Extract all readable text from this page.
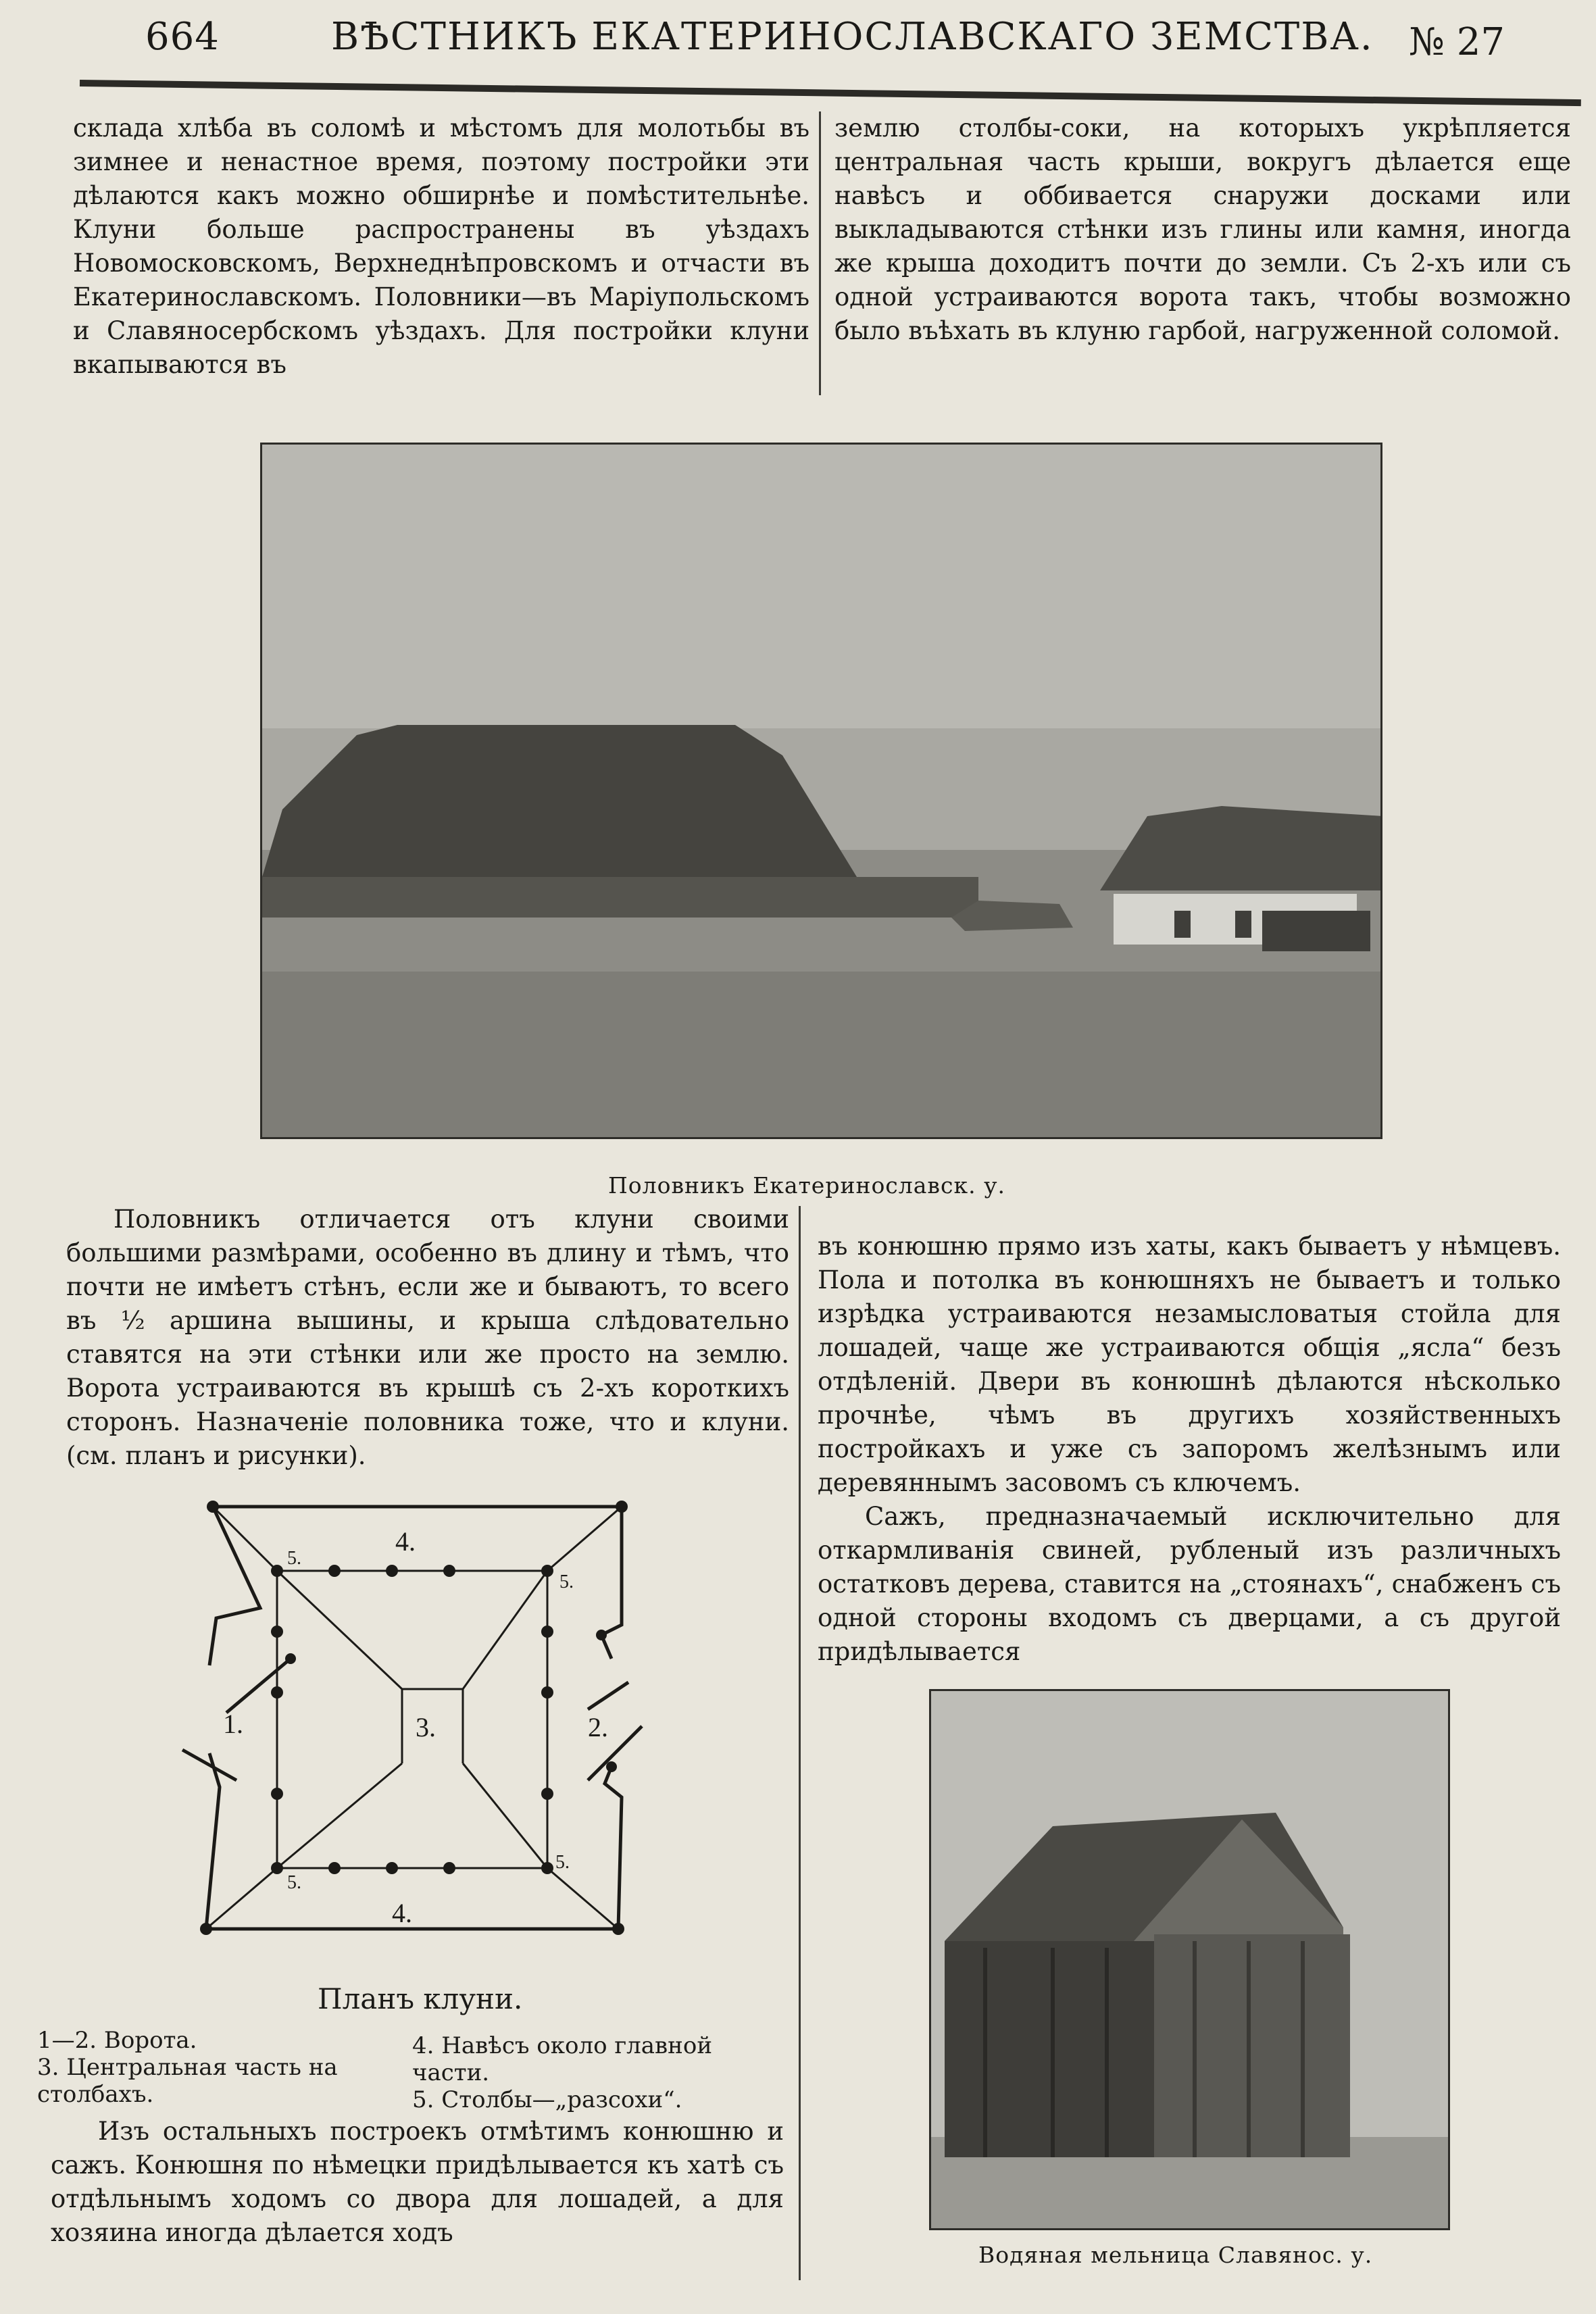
664	ВѢСТНИКЪ ЕКАТЕРИНОСЛАВСКАГО ЗЕМСТВА. № 27

склада хлѣба въ соломѣ и мѣстомъ для молотьбы въ зимнее и ненастное время, поэтому постройки эти дѣлаются какъ можно обширнѣе и помѣстительнѣе. Клуни больше распространены въ уѣздахъ Новомосковскомъ, Верхнеднѣпровскомъ и отчасти въ Екатеринославскомъ. Половники—въ Маріупольскомъ и Славяносербскомъ уѣздахъ. Для постройки клуни вкапываются въ

землю столбы-соки, на которыхъ укрѣпляется центральная часть крыши, вокругъ дѣлается еще навѣсъ и оббивается снаружи досками или выкладываются стѣнки изъ глины или камня, иногда же крыша доходитъ почти до земли. Съ 2-хъ или съ одной устраиваются ворота такъ, чтобы возможно было въѣхать въ клуню гарбой, нагруженной соломой.

Половникъ Екатеринославск. у.

Половникъ отличается отъ клуни своими большими размѣрами, особенно въ длину и тѣмъ, что почти не имѣетъ стѣнъ, если же и бываютъ, то всего въ ½ аршина вышины, и крыша слѣдовательно ставятся на эти стѣнки или же просто на землю. Ворота устраиваются въ крышѣ съ 2-хъ короткихъ сторонъ. Назначеніе половника тоже, что и клуни. (см. планъ и рисунки).

4.
4.
3.
1.	2.
5.
5.
5.
5.
Планъ клуни.
1—2. Ворота.
3. Центральная часть на столбахъ.
4. Навѣсъ около главной части.
5. Столбы—„разсохи“.

Изъ остальныхъ построекъ отмѣтимъ конюшню и сажъ. Конюшня по нѣмецки придѣлывается къ хатѣ съ отдѣльнымъ ходомъ со двора для лошадей, а для хозяина иногда дѣлается ходъ

въ конюшню прямо изъ хаты, какъ бываетъ у нѣмцевъ. Пола и потолка въ конюшняхъ не бываетъ и только изрѣдка устраиваются незамысловатыя стойла для лошадей, чаще же устраиваются общія „ясла“ безъ отдѣленій. Двери въ конюшнѣ дѣлаются нѣсколько прочнѣе, чѣмъ въ другихъ хозяйственныхъ постройкахъ и уже съ запоромъ желѣзнымъ или деревяннымъ засовомъ съ ключемъ.

Сажъ, предназначаемый исключительно для откармливанія свиней, рубленый изъ различныхъ остатковъ дерева, ставится на „стоянахъ“, снабженъ съ одной стороны входомъ съ дверцами, а съ другой придѣлывается

Водяная мельница Славянос. у.
